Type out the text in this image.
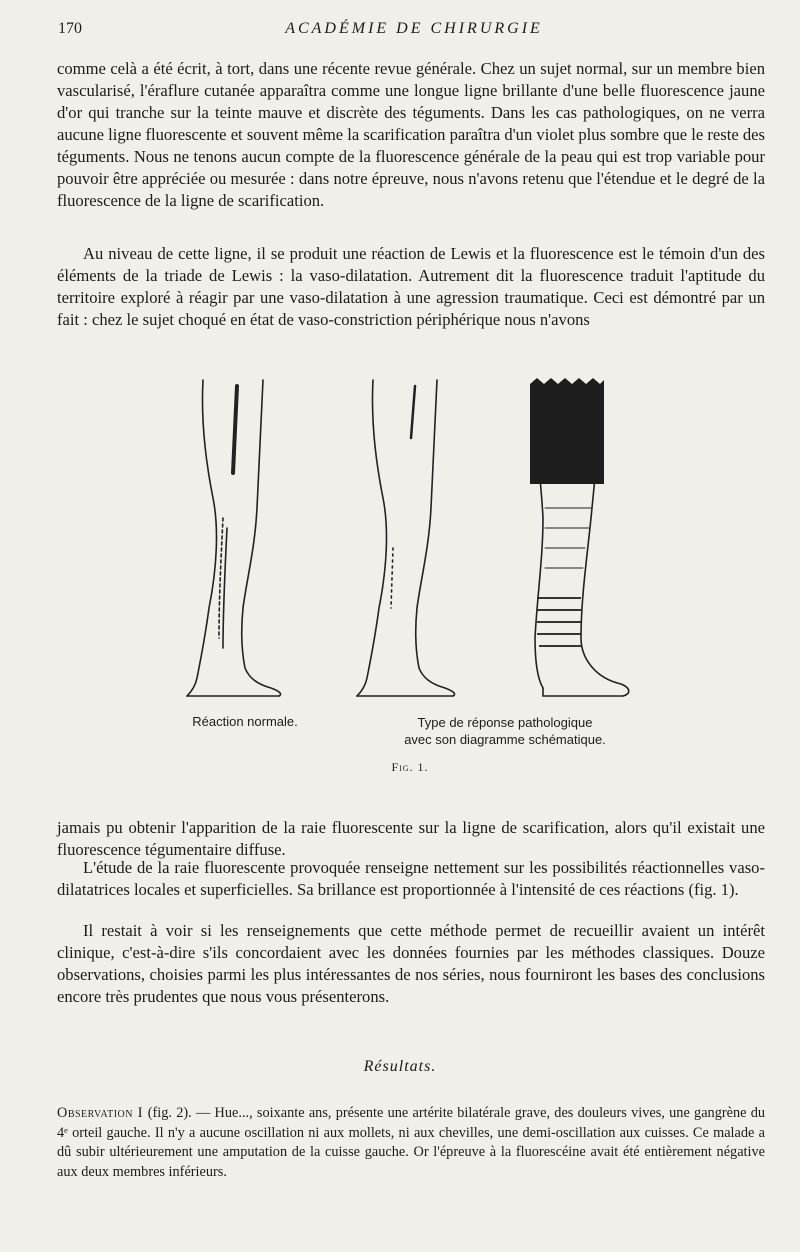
170	ACADÉMIE DE CHIRURGIE

comme celà a été écrit, à tort, dans une récente revue générale. Chez un sujet normal, sur un membre bien vascularisé, l'éraflure cutanée apparaîtra comme une longue ligne brillante d'une belle fluorescence jaune d'or qui tranche sur la teinte mauve et discrète des téguments. Dans les cas pathologiques, on ne verra aucune ligne fluorescente et souvent même la scarification paraîtra d'un violet plus sombre que le reste des téguments. Nous ne tenons aucun compte de la fluorescence générale de la peau qui est trop variable pour pouvoir être appréciée ou mesurée : dans notre épreuve, nous n'avons retenu que l'étendue et le degré de la fluorescence de la ligne de scarification.

Au niveau de cette ligne, il se produit une réaction de Lewis et la fluorescence est le témoin d'un des éléments de la triade de Lewis : la vaso-dilatation. Autrement dit la fluorescence traduit l'aptitude du territoire exploré à réagir par une vaso-dilatation à une agression traumatique. Ceci est démontré par un fait : chez le sujet choqué en état de vaso-constriction périphérique nous n'avons

Réaction normale.	Type de réponse pathologique
avec son diagramme schématique.
Fig. 1.

jamais pu obtenir l'apparition de la raie fluorescente sur la ligne de scarification, alors qu'il existait une fluorescence tégumentaire diffuse.

L'étude de la raie fluorescente provoquée renseigne nettement sur les possibilités réactionnelles vaso-dilatatrices locales et superficielles. Sa brillance est proportionnée à l'intensité de ces réactions (fig. 1).

Il restait à voir si les renseignements que cette méthode permet de recueillir avaient un intérêt clinique, c'est-à-dire s'ils concordaient avec les données fournies par les méthodes classiques. Douze observations, choisies parmi les plus intéressantes de nos séries, nous fourniront les bases des conclusions encore très prudentes que nous vous présenterons.

Résultats.

Observation I (fig. 2). — Hue..., soixante ans, présente une artérite bilatérale grave, des douleurs vives, une gangrène du 4ᵉ orteil gauche. Il n'y a aucune oscillation ni aux mollets, ni aux chevilles, une demi-oscillation aux cuisses. Ce malade a dû subir ultérieurement une amputation de la cuisse gauche. Or l'épreuve à la fluorescéine avait été entièrement négative aux deux membres inférieurs.
